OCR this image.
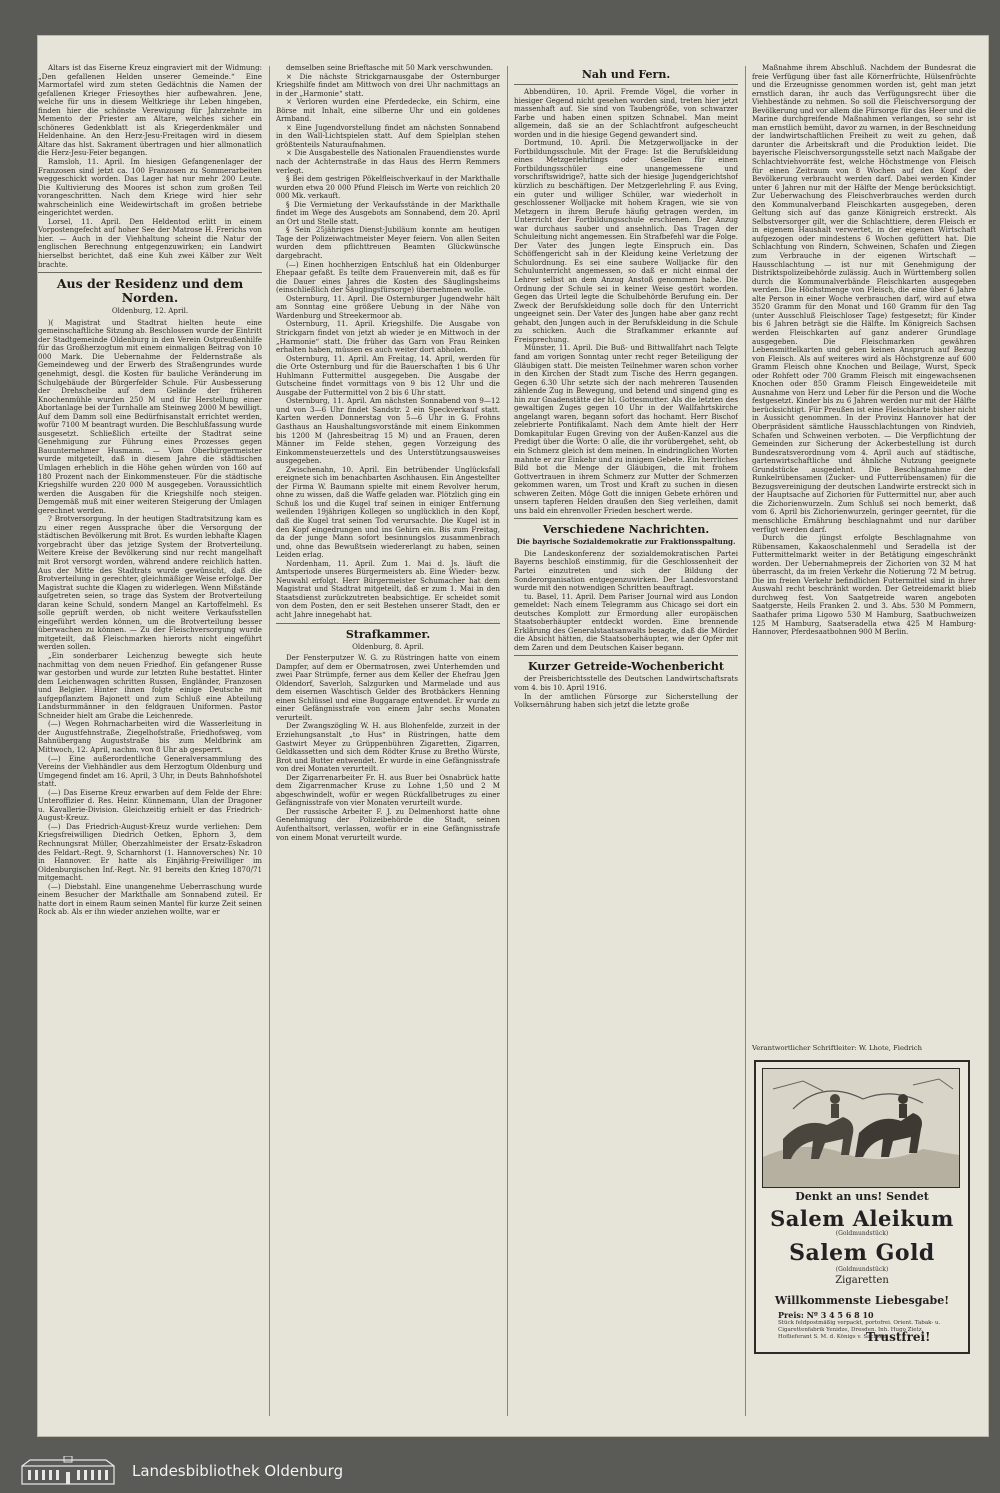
Altars ist das Eiserne Kreuz eingraviert mit der Widmung: „Den gefallenen Helden unserer Gemeinde.“ Eine Marmortafel wird zum steten Gedächtnis die Namen der gefallenen Krieger Friesoythes hier aufbewahren. Jene, welche für uns in diesem Weltkriege ihr Leben hingeben, finden hier die schönste Verewigung für Jahrzehnte im Memento der Priester am Altare, welches sicher ein schöneres Gedenkblatt ist als Kriegerdenkmäler und Heldenhaine. An den Herz-Jesu-Freitagen wird in diesem Altare das hlst. Sakrament übertragen und hier allmonatlich die Herz-Jesu-Feier begangen.

Ramsloh, 11. April. Im hiesigen Gefangenenlager der Franzosen sind jetzt ca. 100 Franzosen zu Sommerarbeiten weggeschickt worden. Das Lager hat nur mehr 200 Leute. Die Kultivierung des Moores ist schon zum großen Teil vorangeschritten. Nach dem Kriege wird hier sehr wahrscheinlich eine Weidewirtschaft im großen betriebe eingerichtet werden.

Lorsel, 11. April. Den Heldentod erlitt in einem Vorpostengefecht auf hoher See der Matrose H. Frerichs von hier. — Auch in der Viehhaltung scheint die Natur der englischen Berechnung entgegenzuwirken; ein Landwirt hierselbst berichtet, daß eine Kuh zwei Kälber zur Welt brachte.

Aus der Residenz und dem Norden.
Oldenburg, 12. April.

)( Magistrat und Stadtrat hielten heute eine gemeinschaftliche Sitzung ab. Beschlossen wurde der Eintritt der Stadtgemeinde Oldenburg in den Verein Ostpreußenhilfe für das Großherzogtum mit einem einmaligen Beitrag von 10 000 Mark. Die Uebernahme der Feldernstraße als Gemeindeweg und der Erwerb des Straßengrundes wurde genehmigt, desgl. die Kosten für bauliche Veränderung im Schulgebäude der Bürgerfelder Schule. Für Ausbesserung der Drehscheibe auf dem Gelände der früheren Knochenmühle wurden 250 M und für Herstellung einer Abortanlage bei der Turnhalle am Steinweg 2000 M bewilligt. Auf dem Damm soll eine Bedürfnisanstalt errichtet werden, wofür 7100 M beantragt wurden. Die Beschlußfassung wurde ausgesetzt. Schließlich erteilte der Stadtrat seine Genehmigung zur Führung eines Prozesses gegen Bauunternehmer Husmann. — Vom Oberbürgermeister wurde mitgeteilt, daß in diesem Jahre die städtischen Umlagen erheblich in die Höhe gehen würden von 160 auf 180 Prozent nach der Einkommensteuer. Für die städtische Kriegshilfe wurden 220 000 M ausgegeben. Voraussichtlich werden die Ausgaben für die Kriegshilfe noch steigen. Demgemäß muß mit einer weiteren Steigerung der Umlagen gerechnet werden.

? Brotversorgung. In der heutigen Stadtratsitzung kam es zu einer regen Aussprache über die Versorgung der städtischen Bevölkerung mit Brot. Es wurden lebhafte Klagen vorgebracht über das jetzige System der Brotverteilung. Weitere Kreise der Bevölkerung sind nur recht mangelhaft mit Brot versorgt worden, während andere reichlich hatten. Aus der Mitte des Stadtrats wurde gewünscht, daß die Brotverteilung in gerechter, gleichmäßiger Weise erfolge. Der Magistrat suchte die Klagen zu widerlegen. Wenn Mißstände aufgetreten seien, so trage das System der Brotverteilung daran keine Schuld, sondern Mangel an Kartoffelmehl. Es solle geprüft werden, ob nicht weitere Verkaufsstellen eingeführt werden können, um die Brotverteilung besser überwachen zu können. — Zu der Fleischversorgung wurde mitgeteilt, daß Fleischmarken hierorts nicht eingeführt werden sollen.

„Ein sonderbarer Leichenzug bewegte sich heute nachmittag von dem neuen Friedhof. Ein gefangener Russe war gestorben und wurde zur letzten Ruhe bestattet. Hinter dem Leichenwagen schritten Russen, Engländer, Franzosen und Belgier. Hinter ihnen folgte einige Deutsche mit aufgepflanztem Bajonett und zum Schluß eine Abteilung Landsturmmänner in den feldgrauen Uniformen. Pastor Schneider hielt am Grabe die Leichenrede.

(—) Wegen Rohrnacharbeiten wird die Wasserleitung in der Augustfehnstraße, Ziegelhofstraße, Friedhofsweg, vom Bahnübergang Auguststraße bis zum Meldbrink am Mittwoch, 12. April, nachm. von 8 Uhr ab gesperrt.

(—) Eine außerordentliche Generalversammlung des Vereins der Viehhändler aus dem Herzogtum Oldenburg und Umgegend findet am 16. April, 3 Uhr, in Deuts Bahnhofshotel statt.

(—) Das Eiserne Kreuz erwarben auf dem Felde der Ehre: Unteroffizier d. Res. Heinr. Künnemann, Ulan der Dragoner u. Kavallerie-Division. Gleichzeitig erhielt er das Friedrich-August-Kreuz.

(—) Das Friedrich-August-Kreuz wurde verliehen: Dem Kriegsfreiwilligen Diedrich Oetken, Ephorn 3, dem Rechnungsrat Müller, Oberzahlmeister der Ersatz-Eskadron des Feldart.-Regt. 9, Scharnhorst (1. Hannoversches) Nr. 10 in Hannover. Er hatte als Einjährig-Freiwilliger im Oldenburgischen Inf.-Regt. Nr. 91 bereits den Krieg 1870/71 mitgemacht.

(—) Diebstahl. Eine unangenehme Ueberraschung wurde einem Besucher der Markthalle am Sonnabend zuteil. Er hatte dort in einem Raum seinen Mantel für kurze Zeit seinen Rock ab. Als er ihn wieder anziehen wollte, war er

demselben seine Brieftasche mit 50 Mark verschwunden.

× Die nächste Strickgarnausgabe der Osternburger Kriegshilfe findet am Mittwoch von drei Uhr nachmittags an in der „Harmonie“ statt.

× Verloren wurden eine Pferdedecke, ein Schirm, eine Börse mit Inhalt, eine silberne Uhr und ein goldenes Armband.

× Eine Jugendvorstellung findet am nächsten Sonnabend in den Wall-Lichtspielen statt. Auf dem Spielplan stehen größtenteils Naturaufnahmen.

× Die Ausgabestelle des Nationalen Frauendienstes wurde nach der Achternstraße in das Haus des Herrn Remmers verlegt.

§ Bei dem gestrigen Pökelfleischverkauf in der Markthalle wurden etwa 20 000 Pfund Fleisch im Werte von reichlich 20 000 Mk. verkauft.

§ Die Vermietung der Verkaufsstände in der Markthalle findet im Wege des Ausgebots am Sonnabend, dem 20. April an Ort und Stelle statt.

§ Sein 25jähriges Dienst-Jubiläum konnte am heutigen Tage der Polizeiwachtmeister Meyer feiern. Von allen Seiten wurden dem pflichttreuen Beamten Glückwünsche dargebracht.

(—) Einen hochherzigen Entschluß hat ein Oldenburger Ehepaar gefaßt. Es teilte dem Frauenverein mit, daß es für die Dauer eines Jahres die Kosten des Säuglingsheims (einschließlich der Säuglingsfürsorge) übernehmen wolle.

Osternburg, 11. April. Die Osternburger Jugendwehr hält am Sonntag eine größere Uebung in der Nähe von Wardenburg und Streekermoor ab.

Osternburg, 11. April. Kriegshilfe. Die Ausgabe von Strickgarn findet von jetzt ab wieder je en Mittwoch in der „Harmonie“ statt. Die früher das Garn von Frau Reinken erhalten haben, müssen es auch weiter dort abholen.

Osternburg, 11. April. Am Freitag, 14. April, werden für die Orte Osternburg und für die Bauerschaften 1 bis 6 Uhr Huhlmann Futtermittel ausgegeben. Die Ausgabe der Gutscheine findet vormittags von 9 bis 12 Uhr und die Ausgabe der Futtermittel von 2 bis 6 Uhr statt.

Osternburg, 11. April. Am nächsten Sonnabend von 9—12 und von 3—6 Uhr findet Sandstr. 2 ein Speckverkauf statt. Karten werden Donnerstag von 5—6 Uhr in G. Frohns Gasthaus an Haushaltungsvorstände mit einem Einkommen bis 1200 M (Jahresbeitrag 15 M) und an Frauen, deren Männer im Felde stehen, gegen Vorzeigung des Einkommensteuerzettels und des Unterstützungsausweises ausgegeben.

Zwischenahn, 10. April. Ein betrübender Unglücksfall ereignete sich im benachbarten Aschhausen. Ein Angestellter der Firma W. Baumann spielte mit einem Revolver herum, ohne zu wissen, daß die Waffe geladen war. Plötzlich ging ein Schuß los und die Kugel traf seinen in einiger Entfernung weilenden 19jährigen Kollegen so unglücklich in den Kopf, daß die Kugel trat seinen Tod verursachte. Die Kugel ist in den Kopf eingedrungen und ins Gehirn ein. Bis zum Freitag, da der junge Mann sofort besinnungslos zusammenbrach und, ohne das Bewußtsein wiedererlangt zu haben, seinen Leiden erlag.

Nordenham, 11. April. Zum 1. Mai d. Js. läuft die Amtsperiode unseres Bürgermeisters ab. Eine Wieder- bezw. Neuwahl erfolgt. Herr Bürgermeister Schumacher hat dem Magistrat und Stadtrat mitgeteilt, daß er zum 1. Mai in den Staatsdienst zurückzutreten beabsichtige. Er scheidet somit von dem Posten, den er seit Bestehen unserer Stadt, den er acht Jahre innegehabt hat.

Strafkammer.
Oldenburg, 8. April.

Der Fensterputzer W. G. zu Rüstringen hatte von einem Dampfer, auf dem er Obermatrosen, zwei Unterhemden und zwei Paar Strümpfe, ferner aus dem Keller der Ehefrau Jgen Oldendorf, Saverloh, Salzgurken und Marmelade und aus dem eisernen Waschtisch Gelder des Brotbäckers Henning einen Schlüssel und eine Buggarage entwendet. Er wurde zu einer Gefängnisstrafe von einem Jahr sechs Monaten verurteilt.

Der Zwangszögling W. H. aus Blohenfelde, zurzeit in der Erziehungsanstalt „to Hus“ in Rüstringen, hatte dem Gastwirt Meyer zu Grüppenbühren Zigaretten, Zigarren, Geldkassetten und sich dem Rödter Kruse zu Bretho Würste, Brot und Butter entwendet. Er wurde in eine Gefängnisstrafe von drei Monaten verurteilt.

Der Zigarrenarbeiter Fr. H. aus Buer bei Osnabrück hatte dem Zigarrenmacher Kruse zu Lohne 1,50 und 2 M abgeschwindelt, wofür er wegen Rückfallbetruges zu einer Gefängnisstrafe von vier Monaten verurteilt wurde.

Der russische Arbeiter F. J. zu Delmenhorst hatte ohne Genehmigung der Polizeibehörde die Stadt, seinen Aufenthaltsort, verlassen, wofür er in eine Gefängnisstrafe von einem Monat verurteilt wurde.

Nah und Fern.

Abbendüren, 10. April. Fremde Vögel, die vorher in hiesiger Gegend nicht gesehen worden sind, treten hier jetzt massenhaft auf. Sie sind von Taubengröße, von schwarzer Farbe und haben einen spitzen Schnabel. Man meint allgemein, daß sie an der Schlachtfront aufgescheucht worden und in die hiesige Gegend gewandert sind.

Dortmund, 10. April. Die Metzgerwolljacke in der Fortbildungsschule. Mit der Frage: Ist die Berufskleidung eines Metzgerlehrlings oder Gesellen für einen Fortbildungsschüler eine unangemessene und vorschriftswidrige?, hatte sich der hiesige Jugendgerichtshof kürzlich zu beschäftigen. Der Metzgerlehrling F. aus Eving, ein guter und williger Schüler, war wiederholt in geschlossener Wolljacke mit hohem Kragen, wie sie von Metzgern in ihrem Berufe häufig getragen werden, im Unterricht der Fortbildungsschule erschienen. Der Anzug war durchaus sauber und ansehnlich. Das Tragen der Schuleitung nicht angemessen. Ein Strafbefehl war die Folge. Der Vater des Jungen legte Einspruch ein. Das Schöffengericht sah in der Kleidung keine Verletzung der Schulordnung. Es sei eine saubere Wolljacke für den Schulunterricht angemessen, so daß er nicht einmal der Lehrer selbst an dem Anzug Anstoß genommen habe. Die Ordnung der Schule sei in keiner Weise gestört worden. Gegen das Urteil legte die Schulbehörde Berufung ein. Der Zweck der Berufskleidung solle doch für den Unterricht ungeeignet sein. Der Vater des Jungen habe aber ganz recht gehabt, den Jungen auch in der Berufskleidung in die Schule zu schicken. Auch die Strafkammer erkannte auf Freisprechung.

Münster, 11. April. Die Buß- und Bittwallfahrt nach Telgte fand am vorigen Sonntag unter recht reger Beteiligung der Gläubigen statt. Die meisten Teilnehmer waren schon vorher in den Kirchen der Stadt zum Tische des Herrn gegangen. Gegen 6.30 Uhr setzte sich der nach mehreren Tausenden zählende Zug in Bewegung, und betend und singend ging es hin zur Gnadenstätte der hl. Gottesmutter. Als die letzten des gewaltigen Zuges gegen 10 Uhr in der Wallfahrtskirche angelangt waren, begann sofort das hochamt. Herr Bischof zelebrierte Pontifikalamt. Nach dem Amte hielt der Herr Domkapitular Eugen Greving von der Außen-Kanzel aus die Predigt über die Worte: O alle, die ihr vorübergehet, seht, ob ein Schmerz gleich ist dem meinen. In eindringlichen Worten mahnte er zur Einkehr und zu innigem Gebete. Ein herrliches Bild bot die Menge der Gläubigen, die mit frohem Gottvertrauen in ihrem Schmerz zur Mutter der Schmerzen gekommen waren, um Trost und Kraft zu suchen in diesen schweren Zeiten. Möge Gott die innigen Gebete erhören und unsern tapferen Helden draußen den Sieg verleihen, damit uns bald ein ehrenvoller Frieden beschert werde.

Verschiedene Nachrichten.
Die bayrische Sozialdemokratie zur Fraktionsspaltung.

Die Landeskonferenz der sozialdemokratischen Partei Bayerns beschloß einstimmig, für die Geschlossenheit der Partei einzutreten und sich der Bildung der Sonderorganisation entgegenzuwirken. Der Landesvorstand wurde mit den notwendigen Schritten beauftragt.

tu. Basel, 11. April. Dem Pariser Journal wird aus London gemeldet: Nach einem Telegramm aus Chicago sei dort ein deutsches Komplott zur Ermordung aller europäischen Staatsoberhäupter entdeckt worden. Eine brennende Erklärung des Generalstaatsanwalts besagte, daß die Mörder die Absicht hätten, die Staatsoberhäupter, wie der Opfer mit dem Zaren und dem Deutschen Kaiser begann.

Kurzer Getreide-Wochenbericht

der Preisberichtsstelle des Deutschen Landwirtschaftsrats vom 4. bis 10. April 1916.

In der amtlichen Fürsorge zur Sicherstellung der Volksernährung haben sich jetzt die letzte große

Maßnahme ihrem Abschluß. Nachdem der Bundesrat die freie Verfügung über fast alle Körnerfrüchte, Hülsenfrüchte und die Erzeugnisse genommen worden ist, geht man jetzt ernstlich daran, ihr auch das Verfügungsrecht über die Viehbestände zu nehmen. So soll die Fleischversorgung der Bevölkerung und vor allem die Fürsorge für das Heer und die Marine durchgreifende Maßnahmen verlangen, so sehr ist man ernstlich bemüht, davor zu warnen, in der Beschneidung der landwirtschaftlichen Freiheit zu weit zu gehen, daß darunter die Arbeitskraft und die Produktion leidet. Die bayerische Fleischversorgungsstelle setzt nach Maßgabe der Schlachtviehvorräte fest, welche Höchstmenge von Fleisch für einen Zeitraum von 8 Wochen auf den Kopf der Bevölkerung verbraucht werden darf. Dabei werden Kinder unter 6 Jahren nur mit der Hälfte der Menge berücksichtigt. Zur Ueberwachung des Fleischverbrauches werden durch den Kommunalverband Fleischkarten ausgegeben, deren Geltung sich auf das ganze Königreich erstreckt. Als Selbstversorger gilt, wer die Schlachttiere, deren Fleisch er in eigenem Haushalt verwertet, in der eigenen Wirtschaft aufgezogen oder mindestens 6 Wochen gefüttert hat. Die Schlachtung von Rindern, Schweinen, Schafen und Ziegen zum Verbrauche in der eigenen Wirtschaft — Hausschlachtung — ist nur mit Genehmigung der Distriktspolizeibehörde zulässig. Auch in Württemberg sollen durch die Kommunalverbände Fleischkarten ausgegeben werden. Die Höchstmenge von Fleisch, die eine über 6 Jahre alte Person in einer Woche verbrauchen darf, wird auf etwa 3520 Gramm für den Monat und 160 Gramm für den Tag (unter Ausschluß Fleischloser Tage) festgesetzt; für Kinder bis 6 Jahren beträgt sie die Hälfte. Im Königreich Sachsen werden Fleischkarten auf ganz anderer Grundlage ausgegeben. Die Fleischmarken gewähren Lebensmittelkarten und geben keinen Anspruch auf Bezug von Fleisch. Als auf weiteres wird als Höchstgrenze auf 600 Gramm Fleisch ohne Knochen und Beilage, Wurst, Speck oder Rohfett oder 700 Gramm Fleisch mit eingewachsenen Knochen oder 850 Gramm Fleisch Eingeweideteile mit Ausnahme von Herz und Leber für die Person und die Woche festgesetzt. Kinder bis zu 6 Jahren werden nur mit der Hälfte berücksichtigt. Für Preußen ist eine Fleischkarte bisher nicht in Aussicht genommen. In der Provinz Hannover hat der Oberpräsident sämtliche Hausschlachtungen von Rindvieh, Schafen und Schweinen verboten. — Die Verpflichtung der Gemeinden zur Sicherung der Ackerbestellung ist durch Bundesratsverordnung vom 4. April auch auf städtische, gartenwirtschaftliche und ähnliche Nutzung geeignete Grundstücke ausgedehnt. Die Beschlagnahme der Runkelrübensamen (Zucker- und Futterrübensamen) für die Bezugsvereinigung der deutschen Landwirte erstreckt sich in der Hauptsache auf Zichorien für Futtermittel nur, aber auch die Zichorienwurzeln. Zum Schluß sei noch bemerkt, daß vom 6. April bis Zichorienwurzeln, geringer geerntet, für die menschliche Ernährung beschlagnahmt und nur darüber verfügt werden darf.

Durch die jüngst erfolgte Beschlagnahme von Rübensamen, Kakaoschalenmehl und Seradella ist der Futtermittelmarkt weiter in der Betätigung eingeschränkt worden. Der Uebernahmepreis der Zichorien von 32 M hat überrascht, da im freien Verkehr die Notierung 72 M betrug. Die im freien Verkehr befindlichen Futtermittel sind in ihrer Auswahl recht beschränkt worden. Der Getreidemarkt blieb durchweg fest. Von Saatgetreide waren angeboten Saatgerste, Heils Franken 2. und 3. Abs. 530 M Pommern, Saathafer prima Ligowo 530 M Hamburg, Saatbuchweizen 125 M Hamburg, Saatseradella etwa 425 M Hamburg-Hannover, Pferdesaatbohnen 900 M Berlin.

Verantwortlicher Schriftleiter: W. Lhote, Fiedrich
Denkt an uns! Sendet
Salem Aleikum
(Goldmundstück)
Salem Gold
(Goldmundstück)
Zigaretten
Willkommenste Liebesgabe!
Preis: Nº 3 4 5 6 8 10
Stück feldpostmäßig verpackt, portofrei. Orient. Tabak- u. Cigarettenfabrik Yenidze, Dresden. Inh. Hugo Zietz, Hoflieferant S. M. d. Königs v. Sachsen.
Trustfrei!
Landesbibliothek Oldenburg
